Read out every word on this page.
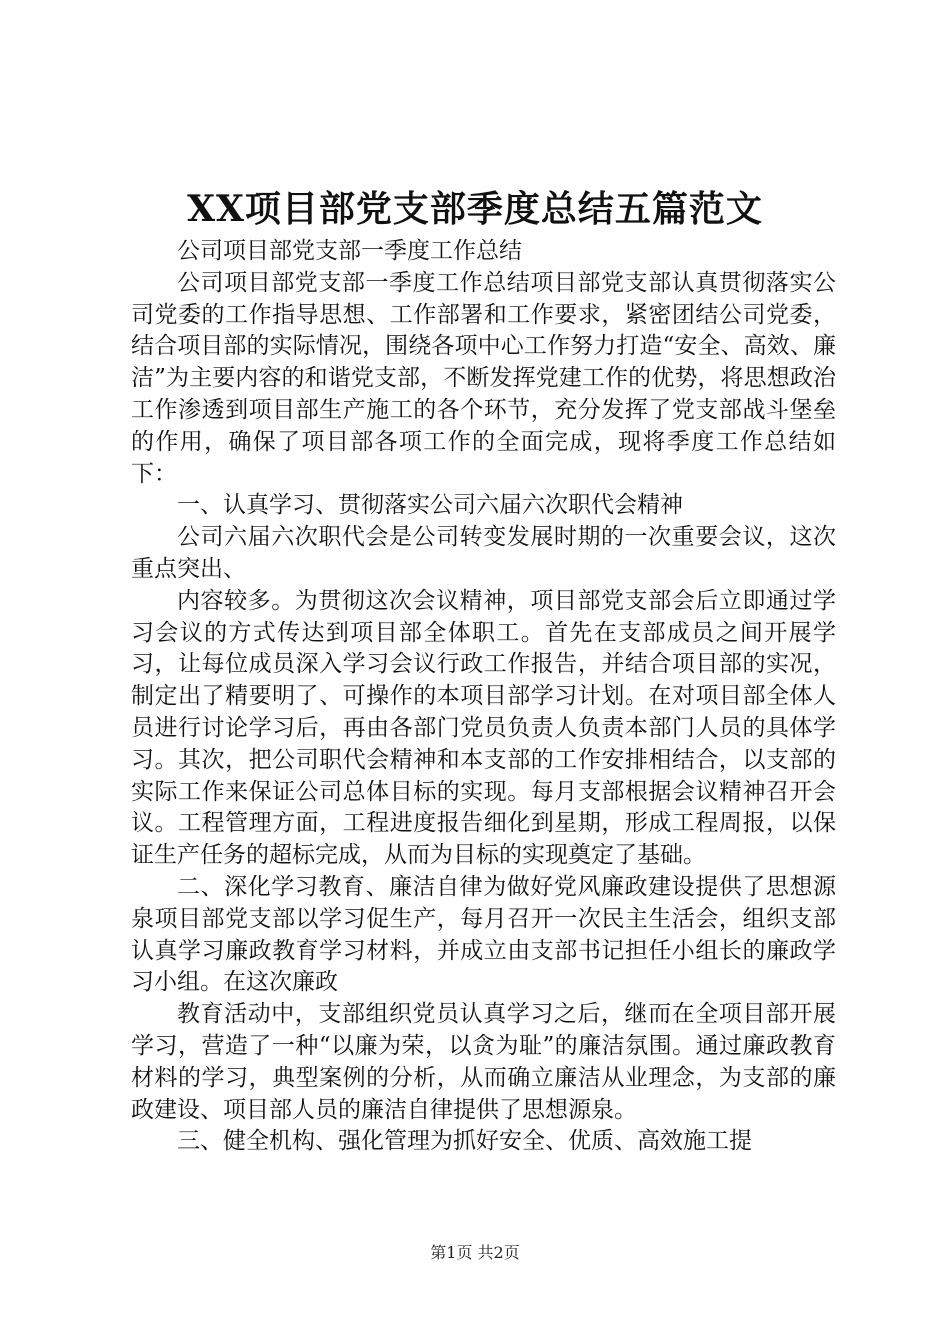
XX项目部党支部季度总结五篇范文

公司项目部党支部一季度工作总结

公司项目部党支部一季度工作总结项目部党支部认真贯彻落实公司党委的工作指导思想、工作部署和工作要求，紧密团结公司党委，结合项目部的实际情况，围绕各项中心工作努力打造“安全、高效、廉洁”为主要内容的和谐党支部，不断发挥党建工作的优势，将思想政治工作渗透到项目部生产施工的各个环节，充分发挥了党支部战斗堡垒的作用，确保了项目部各项工作的全面完成，现将季度工作总结如下：

一、认真学习、贯彻落实公司六届六次职代会精神

公司六届六次职代会是公司转变发展时期的一次重要会议，这次重点突出、

内容较多。为贯彻这次会议精神，项目部党支部会后立即通过学习会议的方式传达到项目部全体职工。首先在支部成员之间开展学习，让每位成员深入学习会议行政工作报告，并结合项目部的实况，制定出了精要明了、可操作的本项目部学习计划。在对项目部全体人员进行讨论学习后，再由各部门党员负责人负责本部门人员的具体学习。其次，把公司职代会精神和本支部的工作安排相结合，以支部的实际工作来保证公司总体目标的实现。每月支部根据会议精神召开会议。工程管理方面，工程进度报告细化到星期，形成工程周报，以保证生产任务的超标完成，从而为目标的实现奠定了基础。

二、深化学习教育、廉洁自律为做好党风廉政建设提供了思想源泉项目部党支部以学习促生产，每月召开一次民主生活会，组织支部认真学习廉政教育学习材料，并成立由支部书记担任小组长的廉政学习小组。在这次廉政

教育活动中，支部组织党员认真学习之后，继而在全项目部开展学习，营造了一种“以廉为荣，以贪为耻”的廉洁氛围。通过廉政教育材料的学习，典型案例的分析，从而确立廉洁从业理念，为支部的廉政建设、项目部人员的廉洁自律提供了思想源泉。

三、健全机构、强化管理为抓好安全、优质、高效施工提

第1页 共2页
